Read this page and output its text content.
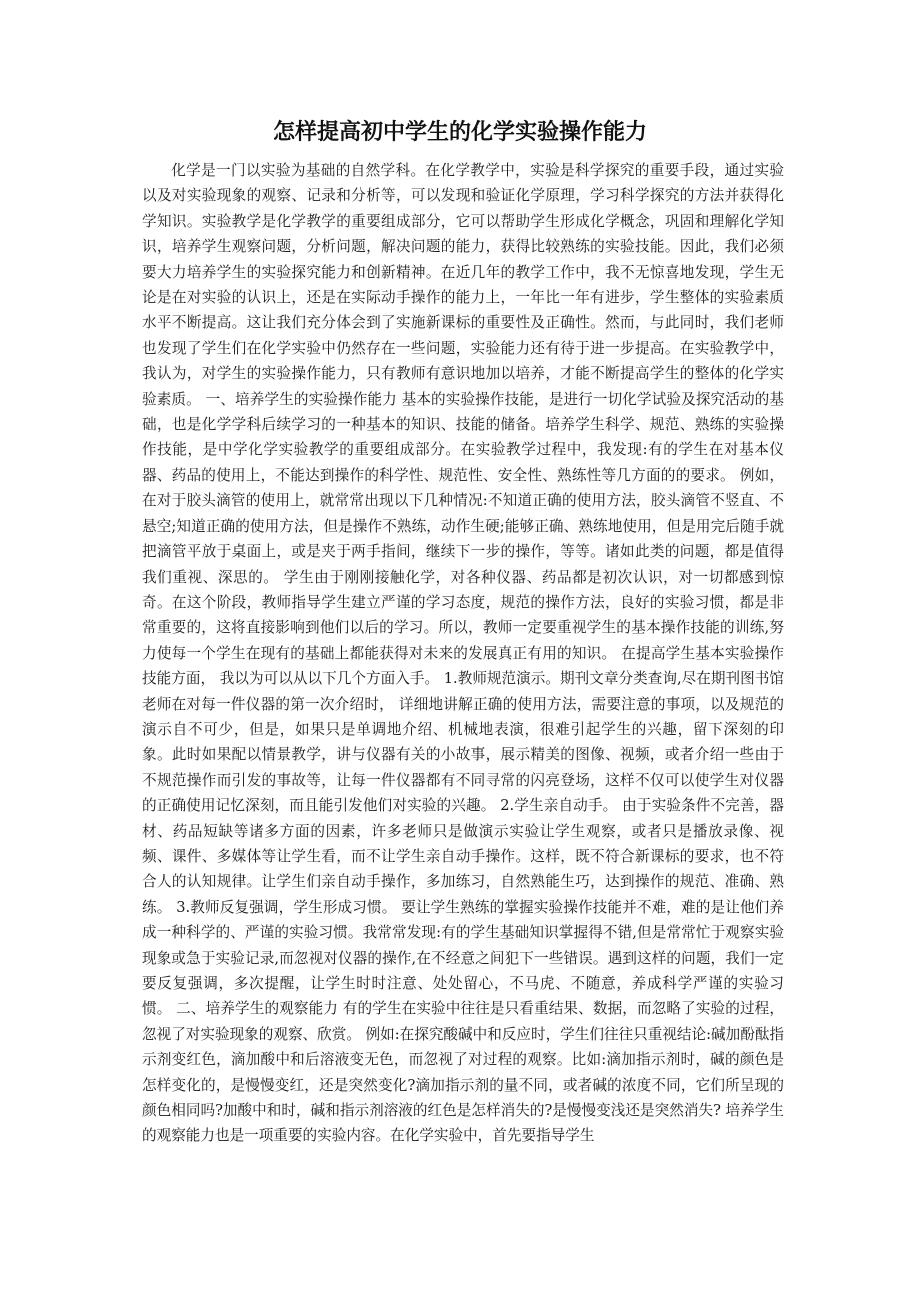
怎样提高初中学生的化学实验操作能力

化学是一门以实验为基础的自然学科。在化学教学中，实验是科学探究的重要手段，通过实验以及对实验现象的观察、记录和分析等，可以发现和验证化学原理，学习科学探究的方法并获得化学知识。实验教学是化学教学的重要组成部分，它可以帮助学生形成化学概念，巩固和理解化学知识，培养学生观察问题，分析问题，解决问题的能力，获得比较熟练的实验技能。因此，我们必须要大力培养学生的实验探究能力和创新精神。在近几年的教学工作中，我不无惊喜地发现，学生无论是在对实验的认识上，还是在实际动手操作的能力上，一年比一年有进步，学生整体的实验素质水平不断提高。这让我们充分体会到了实施新课标的重要性及正确性。然而，与此同时，我们老师也发现了学生们在化学实验中仍然存在一些问题，实验能力还有待于进一步提高。在实验教学中，我认为，对学生的实验操作能力，只有教师有意识地加以培养，才能不断提高学生的整体的化学实验素质。 一、培养学生的实验操作能力 基本的实验操作技能，是进行一切化学试验及探究活动的基础，也是化学学科后续学习的一种基本的知识、技能的储备。培养学生科学、规范、熟练的实验操作技能，是中学化学实验教学的重要组成部分。在实验教学过程中，我发现:有的学生在对基本仪器、药品的使用上，不能达到操作的科学性、规范性、安全性、熟练性等几方面的的要求。 例如，在对于胶头滴管的使用上，就常常出现以下几种情况:不知道正确的使用方法，胶头滴管不竖直、不悬空;知道正确的使用方法，但是操作不熟练，动作生硬;能够正确、熟练地使用，但是用完后随手就把滴管平放于桌面上，或是夹于两手指间，继续下一步的操作，等等。诸如此类的问题，都是值得我们重视、深思的。 学生由于刚刚接触化学，对各种仪器、药品都是初次认识，对一切都感到惊奇。在这个阶段，教师指导学生建立严谨的学习态度，规范的操作方法，良好的实验习惯，都是非常重要的，这将直接影响到他们以后的学习。所以，教师一定要重视学生的基本操作技能的训练,努力使每一个学生在现有的基础上都能获得对未来的发展真正有用的知识。 在提高学生基本实验操作技能方面， 我以为可以从以下几个方面入手。 1.教师规范演示。期刊文章分类查询,尽在期刊图书馆 老师在对每一件仪器的第一次介绍时， 详细地讲解正确的使用方法，需要注意的事项，以及规范的演示自不可少，但是，如果只是单调地介绍、机械地表演，很难引起学生的兴趣，留下深刻的印象。此时如果配以情景教学，讲与仪器有关的小故事，展示精美的图像、视频，或者介绍一些由于不规范操作而引发的事故等，让每一件仪器都有不同寻常的闪亮登场，这样不仅可以使学生对仪器的正确使用记忆深刻，而且能引发他们对实验的兴趣。 2.学生亲自动手。 由于实验条件不完善，器材、药品短缺等诸多方面的因素，许多老师只是做演示实验让学生观察，或者只是播放录像、视频、课件、多媒体等让学生看，而不让学生亲自动手操作。这样，既不符合新课标的要求，也不符合人的认知规律。让学生们亲自动手操作，多加练习，自然熟能生巧，达到操作的规范、准确、熟练。 3.教师反复强调，学生形成习惯。 要让学生熟练的掌握实验操作技能并不难，难的是让他们养成一种科学的、严谨的实验习惯。我常常发现:有的学生基础知识掌握得不错,但是常常忙于观察实验现象或急于实验记录,而忽视对仪器的操作,在不经意之间犯下一些错误。遇到这样的问题，我们一定要反复强调，多次提醒，让学生时时注意、处处留心，不马虎、不随意，养成科学严谨的实验习惯。 二、培养学生的观察能力 有的学生在实验中往往是只看重结果、数据，而忽略了实验的过程，忽视了对实验现象的观察、欣赏。 例如:在探究酸碱中和反应时，学生们往往只重视结论:碱加酚酞指示剂变红色，滴加酸中和后溶液变无色，而忽视了对过程的观察。比如:滴加指示剂时，碱的颜色是怎样变化的，是慢慢变红，还是突然变化?滴加指示剂的量不同，或者碱的浓度不同，它们所呈现的颜色相同吗?加酸中和时，碱和指示剂溶液的红色是怎样消失的?是慢慢变浅还是突然消失? 培养学生的观察能力也是一项重要的实验内容。在化学实验中，首先要指导学生
